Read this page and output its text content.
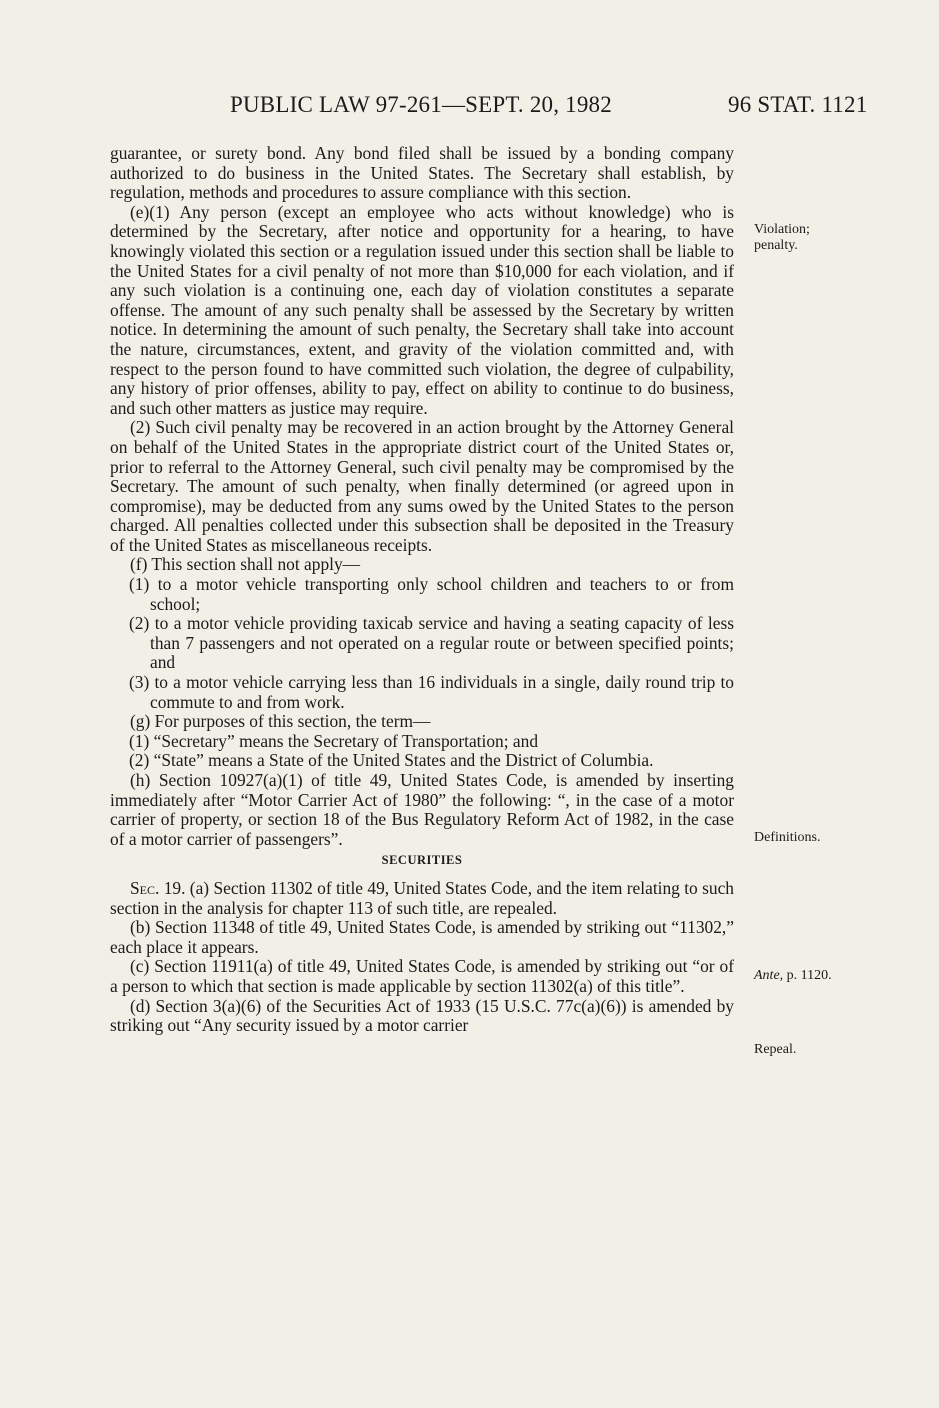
PUBLIC LAW 97-261—SEPT. 20, 1982	96 STAT. 1121

guarantee, or surety bond. Any bond filed shall be issued by a bonding company authorized to do business in the United States. The Secretary shall establish, by regulation, methods and procedures to assure compliance with this section.

(e)(1) Any person (except an employee who acts without knowledge) who is determined by the Secretary, after notice and opportunity for a hearing, to have knowingly violated this section or a regulation issued under this section shall be liable to the United States for a civil penalty of not more than $10,000 for each violation, and if any such violation is a continuing one, each day of violation constitutes a separate offense. The amount of any such penalty shall be assessed by the Secretary by written notice. In determining the amount of such penalty, the Secretary shall take into account the nature, circumstances, extent, and gravity of the violation committed and, with respect to the person found to have committed such violation, the degree of culpability, any history of prior offenses, ability to pay, effect on ability to continue to do business, and such other matters as justice may require.

(2) Such civil penalty may be recovered in an action brought by the Attorney General on behalf of the United States in the appropriate district court of the United States or, prior to referral to the Attorney General, such civil penalty may be compromised by the Secretary. The amount of such penalty, when finally determined (or agreed upon in compromise), may be deducted from any sums owed by the United States to the person charged. All penalties collected under this subsection shall be deposited in the Treasury of the United States as miscellaneous receipts.

(f) This section shall not apply—

(1) to a motor vehicle transporting only school children and teachers to or from school;

(2) to a motor vehicle providing taxicab service and having a seating capacity of less than 7 passengers and not operated on a regular route or between specified points; and

(3) to a motor vehicle carrying less than 16 individuals in a single, daily round trip to commute to and from work.

(g) For purposes of this section, the term—

(1) “Secretary” means the Secretary of Transportation; and

(2) “State” means a State of the United States and the District of Columbia.

(h) Section 10927(a)(1) of title 49, United States Code, is amended by inserting immediately after “Motor Carrier Act of 1980” the following: “, in the case of a motor carrier of property, or section 18 of the Bus Regulatory Reform Act of 1982, in the case of a motor carrier of passengers”.

SECURITIES

Sec. 19. (a) Section 11302 of title 49, United States Code, and the item relating to such section in the analysis for chapter 113 of such title, are repealed.

(b) Section 11348 of title 49, United States Code, is amended by striking out “11302,” each place it appears.

(c) Section 11911(a) of title 49, United States Code, is amended by striking out “or of a person to which that section is made applicable by section 11302(a) of this title”.

(d) Section 3(a)(6) of the Securities Act of 1933 (15 U.S.C. 77c(a)(6)) is amended by striking out “Any security issued by a motor carrier

Violation;
penalty.
Definitions.
Ante, p. 1120.
Repeal.
